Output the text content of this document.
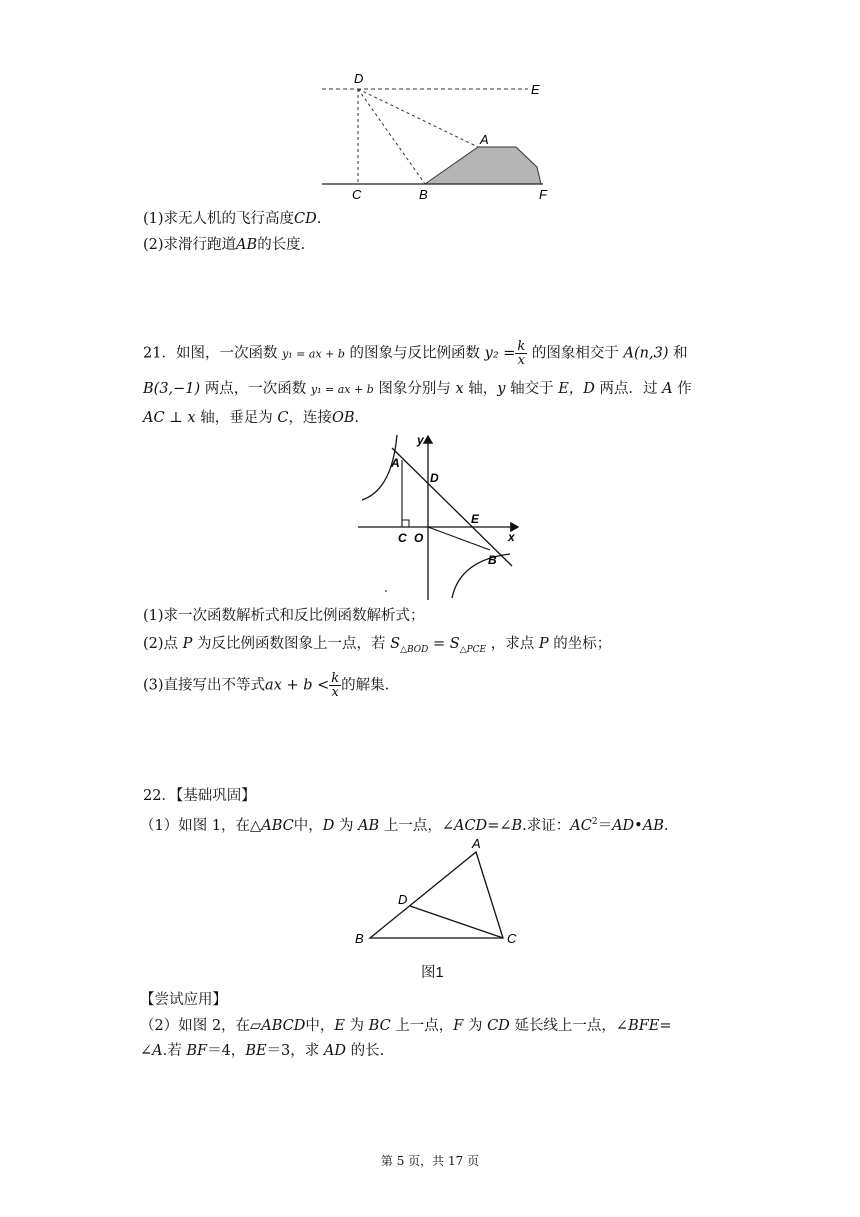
D
E
A
C	B	F
(1)求无人机的飞行高度CD.
(2)求滑行跑道AB的长度.
21．如图，一次函数 y₁ = ax + b 的图象与反比例函数 $y_2 = \frac{k}{x}$ 的图象相交于 A(n,3) 和
B(3,−1) 两点，一次函数 y₁ = ax + b 图象分别与 x 轴，y 轴交于 E，D 两点．过 A 作
AC ⊥ x 轴，垂足为 C，连接OB.
y
x
A
D
E
C O
B
(1)求一次函数解析式和反比例函数解析式；
(2)点 P 为反比例函数图象上一点，若 $S_{\triangle BOD} = S_{\triangle PCE}$ ，求点 P 的坐标；
(3)直接写出不等式ax + $b < \frac{k}{x}$ 的解集.
22．【基础巩固】
（1）如图 1，在△ABC中，D 为 AB 上一点，∠ACD=∠B.求证：$AC^2=AD•AB$.
A
D
B	C
图1
【尝试应用】
（2）如图 2，在▱ABCD中，E 为 BC 上一点，F 为 CD 延长线上一点，∠BFE=
∠A.若 BF＝4，BE＝3，求 AD 的长.
第 5 页，共 17 页
